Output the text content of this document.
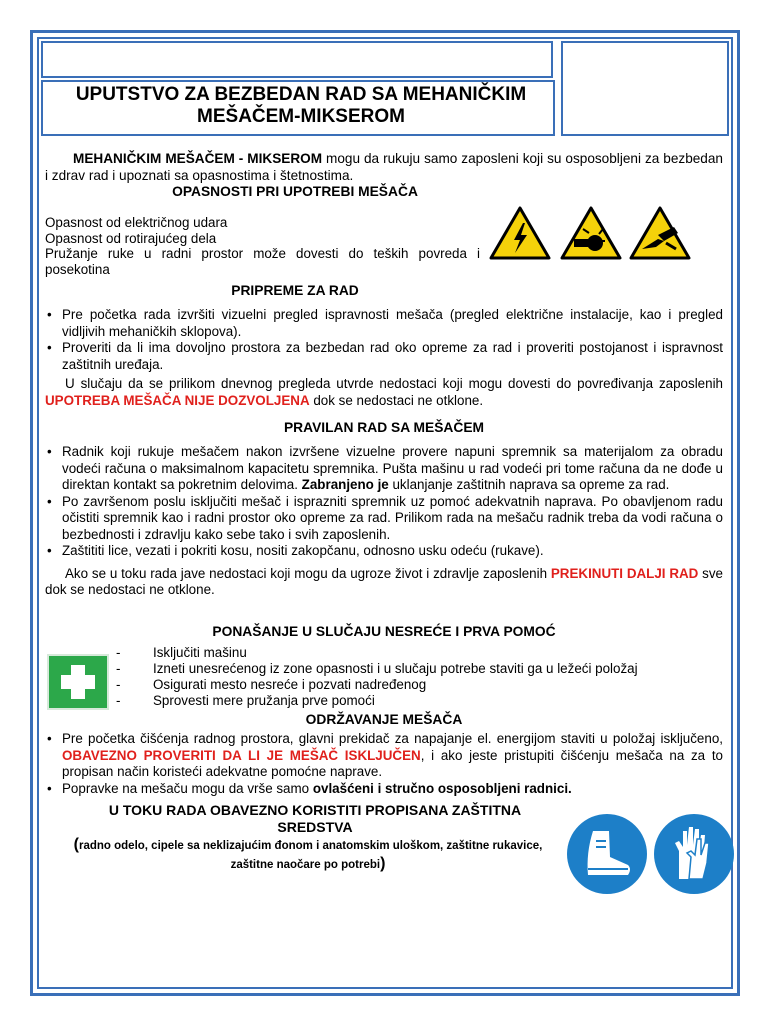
UPUTSTVO ZA BEZBEDAN RAD SA MEHANIČKIM MEŠAČEM-MIKSEROM
MEHANIČKIM MEŠAČEM - MIKSEROM mogu da rukuju samo zaposleni koji su osposobljeni za bezbedan i zdrav rad i upoznati sa opasnostima i štetnostima.
OPASNOSTI PRI UPOTREBI MEŠAČA
Opasnost od električnog udara
Opasnost od rotirajućeg dela
Pružanje ruke u radni prostor može dovesti do teških povreda i posekotina
PRIPREME ZA RAD
• Pre početka rada izvršiti vizuelni pregled ispravnosti mešača (pregled električne instalacije, kao i pregled vidljivih mehaničkih sklopova).
• Proveriti da li ima dovoljno prostora za bezbedan rad oko opreme za rad i proveriti postojanost i ispravnost zaštitnih uređaja.
U slučaju da se prilikom dnevnog pregleda utvrde nedostaci koji mogu dovesti do povređivanja zaposlenih UPOTREBA MEŠAČA NIJE DOZVOLJENA dok se nedostaci ne otklone.
PRAVILAN RAD SA MEŠAČEM
• Radnik koji rukuje mešačem nakon izvršene vizuelne provere napuni spremnik sa materijalom za obradu vodeći računa o maksimalnom kapacitetu spremnika. Pušta mašinu u rad vodeći pri tome računa da ne dođe u direktan kontakt sa pokretnim delovima. Zabranjeno je uklanjanje zaštitnih naprava sa opreme za rad.
• Po završenom poslu isključiti mešač i isprazniti spremnik uz pomoć adekvatnih naprava. Po obavljenom radu očistiti spremnik kao i radni prostor oko opreme za rad. Prilikom rada na mešaču radnik treba da vodi računa o bezbednosti i zdravlju kako sebe tako i svih zaposlenih.
• Zaštititi lice, vezati i pokriti kosu, nositi zakopčanu, odnosno usku odeću (rukave).
Ako se u toku rada jave nedostaci koji mogu da ugroze život i zdravlje zaposlenih PREKINUTI DALJI RAD sve dok se nedostaci ne otklone.
PONAŠANJE U SLUČAJU NESREĆE I PRVA POMOĆ
- Isključiti mašinu
- Izneti unesrećenog iz zone opasnosti i u slučaju potrebe staviti ga u ležeći položaj
- Osigurati mesto nesreće i pozvati nadređenog
- Sprovesti mere pružanja prve pomoći
ODRŽAVANJE MEŠAČA
• Pre početka čišćenja radnog prostora, glavni prekidač za napajanje el. energijom staviti u položaj isključeno, OBAVEZNO PROVERITI DA LI JE MEŠAČ ISKLJUČEN, i ako jeste pristupiti čišćenju mešača na za to propisan način koristeći adekvatne pomoćne naprave.
• Popravke na mešaču mogu da vrše samo ovlašćeni i stručno osposobljeni radnici.
U TOKU RADA OBAVEZNO KORISTITI PROPISANA ZAŠTITNA SREDSTVA
(radno odelo, cipele sa neklizajućim đonom i anatomskim uloškom, zaštitne rukavice, zaštitne naočare po potrebi)
